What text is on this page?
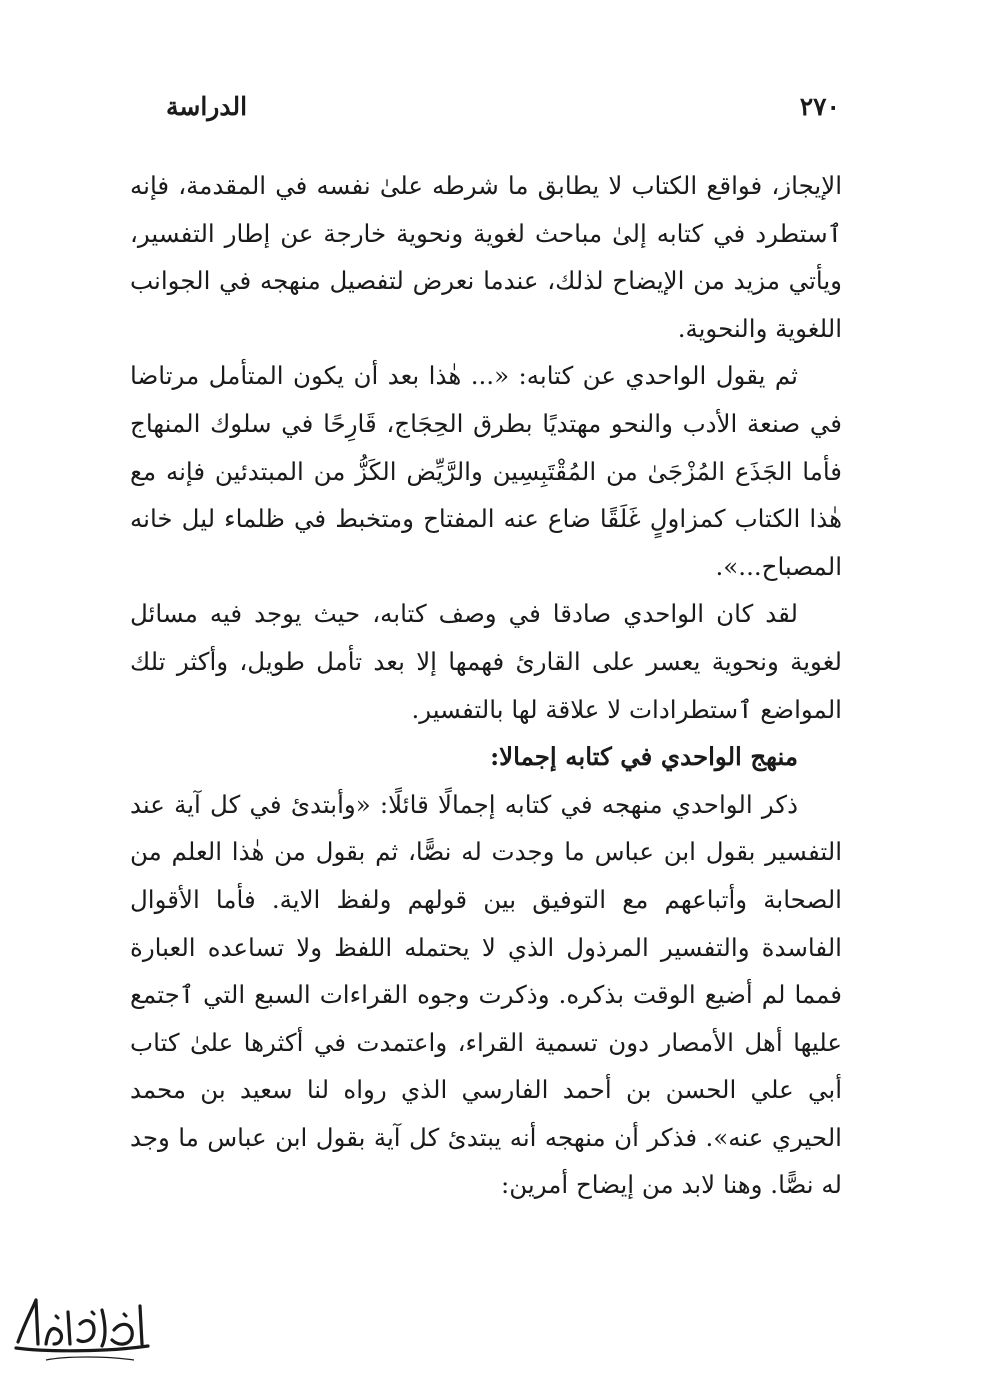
٢٧٠
الدراسة

الإيجاز، فواقع الكتاب لا يطابق ما شرطه علىٰ نفسه في المقدمة، فإنه ٱستطرد في كتابه إلىٰ مباحث لغوية ونحوية خارجة عن إطار التفسير، ويأتي مزيد من الإيضاح لذلك، عندما نعرض لتفصيل منهجه في الجوانب اللغوية والنحوية.

ثم يقول الواحدي عن كتابه: «... هٰذا بعد أن يكون المتأمل مرتاضا في صنعة الأدب والنحو مهتديًا بطرق الحِجَاج، قَارِحًا في سلوك المنهاج فأما الجَذَع المُزْجَىٰ من المُقْتَبِسِين والرَّيِّض الكَزُّ من المبتدئين فإنه مع هٰذا الكتاب كمزاولٍ غَلَقًا ضاع عنه المفتاح ومتخبط في ظلماء ليل خانه المصباح...».

لقد كان الواحدي صادقا في وصف كتابه، حيث يوجد فيه مسائل لغوية ونحوية يعسر على القارئ فهمها إلا بعد تأمل طويل، وأكثر تلك المواضع ٱستطرادات لا علاقة لها بالتفسير.

منهج الواحدي في كتابه إجمالا:

ذكر الواحدي منهجه في كتابه إجمالًا قائلًا: «وأبتدئ في كل آية عند التفسير بقول ابن عباس ما وجدت له نصًّا، ثم بقول من هٰذا العلم من الصحابة وأتباعهم مع التوفيق بين قولهم ولفظ الاية. فأما الأقوال الفاسدة والتفسير المرذول الذي لا يحتمله اللفظ ولا تساعده العبارة فمما لم أضيع الوقت بذكره. وذكرت وجوه القراءات السبع التي ٱجتمع عليها أهل الأمصار دون تسمية القراء، واعتمدت في أكثرها علىٰ كتاب أبي علي الحسن بن أحمد الفارسي الذي رواه لنا سعيد بن محمد الحيري عنه». فذكر أن منهجه أنه يبتدئ كل آية بقول ابن عباس ما وجد له نصًّا. وهنا لابد من إيضاح أمرين:
